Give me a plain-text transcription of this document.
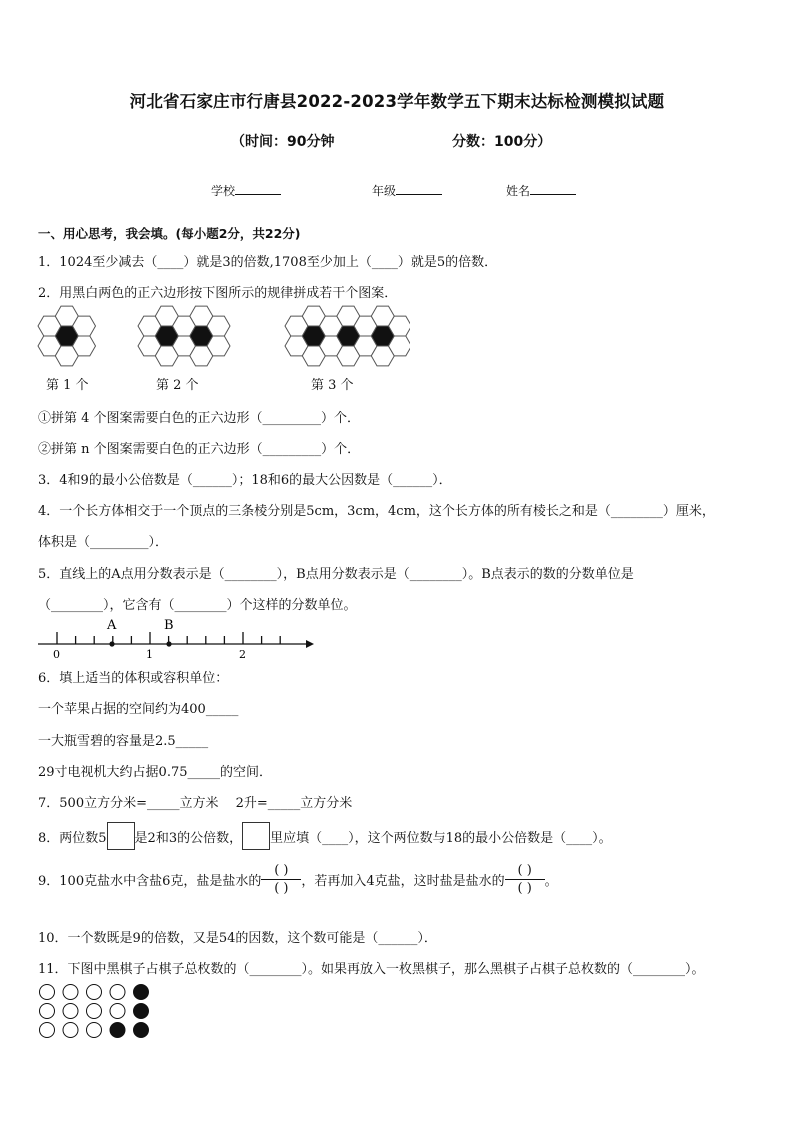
河北省石家庄市行唐县2022-2023学年数学五下期末达标检测模拟试题
（时间：90分钟	分数：100分）
学校	年级	姓名
一、用心思考，我会填。(每小题2分，共22分)
1．1024至少减去（____）就是3的倍数,1708至少加上（____）就是5的倍数．
2．用黑白两色的正六边形按下图所示的规律拼成若干个图案．
第 1 个	第 2 个	第 3 个
①拼第 4 个图案需要白色的正六边形（_________）个．
②拼第 n 个图案需要白色的正六边形（_________）个．
3．4和9的最小公倍数是（______）；18和6的最大公因数是（______）．
4．一个长方体相交于一个顶点的三条棱分别是5cm，3cm，4cm，这个长方体的所有棱长之和是（________）厘米，
体积是（_________）．
5．直线上的A点用分数表示是（________），B点用分数表示是（________）。B点表示的数的分数单位是
（________），它含有（________）个这样的分数单位。
A	B
0	1	2
6．填上适当的体积或容积单位：
一个苹果占据的空间约为400_____
一大瓶雪碧的容量是2.5_____
29寸电视机大约占据0.75_____的空间．
7．500立方分米=_____立方米　 2升=_____立方分米
8．两位数5 是2和3的公倍数， 里应填（____），这个两位数与18的最小公倍数是（____）。
9．100克盐水中含盐6克，盐是盐水的 $\frac{( )}{( )}$ ，若再加入4克盐，这时盐是盐水的 $\frac{( )}{( )}$ 。
10．一个数既是9的倍数，又是54的因数，这个数可能是（______）．
11．下图中黑棋子占棋子总枚数的（________）。如果再放入一枚黑棋子，那么黑棋子占棋子总枚数的（________）。
